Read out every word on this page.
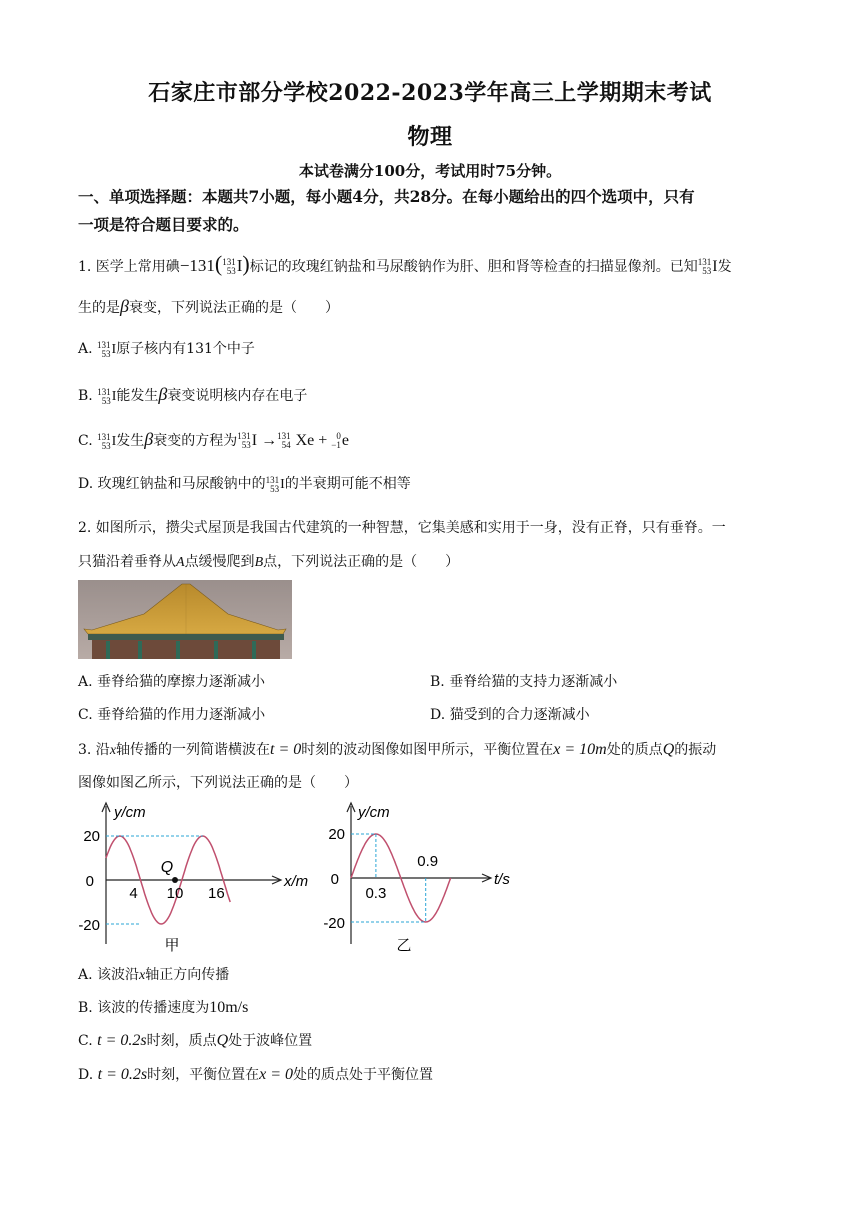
石家庄市部分学校2022-2023学年高三上学期期末考试
物理
本试卷满分100分，考试用时75分钟。
一、单项选择题：本题共7小题，每小题4分，共28分。在每小题给出的四个选项中，只有
一项是符合题目要求的。
1. 医学上常用碘−131( 131
53 I)标记的玫瑰红钠盐和马尿酸钠作为肝、胆和肾等检查的扫描显像剂。已知 131
53 I发
生的是β衰变，下列说法正确的是（　　）
A. 131
53 I原子核内有131个中子
B. 131
53 I能发生β衰变说明核内存在电子
C. 131
53 I发生β衰变的方程为 131
53 I → 131
54 Xe +	0
−1 e
D. 玫瑰红钠盐和马尿酸钠中的 131
53 I的半衰期可能不相等
2. 如图所示，攒尖式屋顶是我国古代建筑的一种智慧，它集美感和实用于一身，没有正脊，只有垂脊。一
只猫沿着垂脊从A点缓慢爬到B点，下列说法正确的是（　　）
A. 垂脊给猫的摩擦力逐渐减小	B. 垂脊给猫的支持力逐渐减小
C. 垂脊给猫的作用力逐渐减小	D. 猫受到的合力逐渐减小
3. 沿x轴传播的一列简谐横波在t = 0时刻的波动图像如图甲所示，平衡位置在x = 10m处的质点Q的振动
图像如图乙所示，下列说法正确的是（　　）
y/cm
x/m
20
0
-20
4 10 16
Q
甲
y/cm
t/s
20
0
-20
0.3
0.9
乙
A. 该波沿x轴正方向传播
B. 该波的传播速度为10m/s
C. t = 0.2s时刻，质点Q处于波峰位置
D. t = 0.2s时刻，平衡位置在x = 0处的质点处于平衡位置
